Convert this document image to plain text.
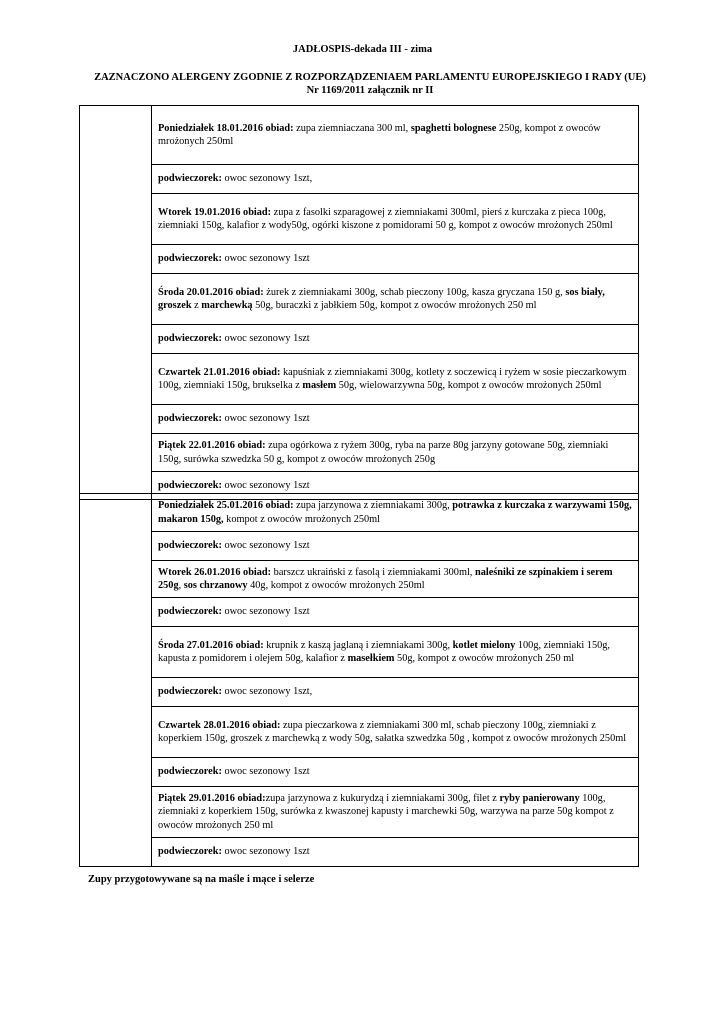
JADŁOSPIS-dekada III - zima
ZAZNACZONO ALERGENY ZGODNIE Z ROZPORZĄDZENIAEM PARLAMENTU EUROPEJSKIEGO I RADY (UE) Nr 1169/2011 załącznik nr II
	Poniedziałek 18.01.2016 obiad: zupa ziemniaczana 300 ml, spaghetti bolognese 250g, kompot z owoców mrożonych 250ml
podwieczorek: owoc sezonowy 1szt,
Wtorek 19.01.2016 obiad: zupa z fasolki szparagowej z ziemniakami 300ml, pierś z kurczaka z pieca 100g, ziemniaki 150g, kalafior z wody50g, ogórki kiszone z pomidorami 50 g, kompot z owoców mrożonych 250ml
podwieczorek: owoc sezonowy 1szt
Środa 20.01.2016 obiad: żurek z ziemniakami 300g, schab pieczony 100g, kasza gryczana 150 g, sos biały, groszek z marchewką 50g, buraczki z jabłkiem 50g, kompot z owoców mrożonych 250 ml
podwieczorek: owoc sezonowy 1szt
Czwartek 21.01.2016 obiad: kapuśniak z ziemniakami 300g, kotlety z soczewicą i ryżem w sosie pieczarkowym 100g, ziemniaki 150g, brukselka z masłem 50g, wielowarzywna 50g, kompot z owoców mrożonych 250ml
podwieczorek: owoc sezonowy 1szt
Piątek 22.01.2016 obiad: zupa ogórkowa z ryżem 300g, ryba na parze 80g jarzyny gotowane 50g, ziemniaki 150g, surówka szwedzka 50 g, kompot z owoców mrożonych 250g
podwieczorek: owoc sezonowy 1szt
	Poniedziałek 25.01.2016 obiad: zupa jarzynowa z ziemniakami 300g, potrawka z kurczaka z warzywami 150g, makaron 150g, kompot z owoców mrożonych 250ml
podwieczorek: owoc sezonowy 1szt
Wtorek 26.01.2016 obiad: barszcz ukraiński z fasolą i ziemniakami 300ml, naleśniki ze szpinakiem i serem 250g, sos chrzanowy 40g, kompot z owoców mrożonych 250ml
podwieczorek: owoc sezonowy 1szt
Środa 27.01.2016 obiad: krupnik z kaszą jaglaną i ziemniakami 300g, kotlet mielony 100g, ziemniaki 150g, kapusta z pomidorem i olejem 50g, kalafior z masełkiem 50g, kompot z owoców mrożonych 250 ml
podwieczorek: owoc sezonowy 1szt,
Czwartek 28.01.2016 obiad: zupa pieczarkowa z ziemniakami 300 ml, schab pieczony 100g, ziemniaki z koperkiem 150g, groszek z marchewką z wody 50g, sałatka szwedzka 50g , kompot z owoców mrożonych 250ml
podwieczorek: owoc sezonowy 1szt
Piątek 29.01.2016 obiad:zupa jarzynowa z kukurydzą i ziemniakami 300g, filet z ryby panierowany 100g, ziemniaki z koperkiem 150g, surówka z kwaszonej kapusty i marchewki 50g, warzywa na parze 50g kompot z owoców mrożonych 250 ml
podwieczorek: owoc sezonowy 1szt
Zupy przygotowywane są na maśle i mące i selerze
